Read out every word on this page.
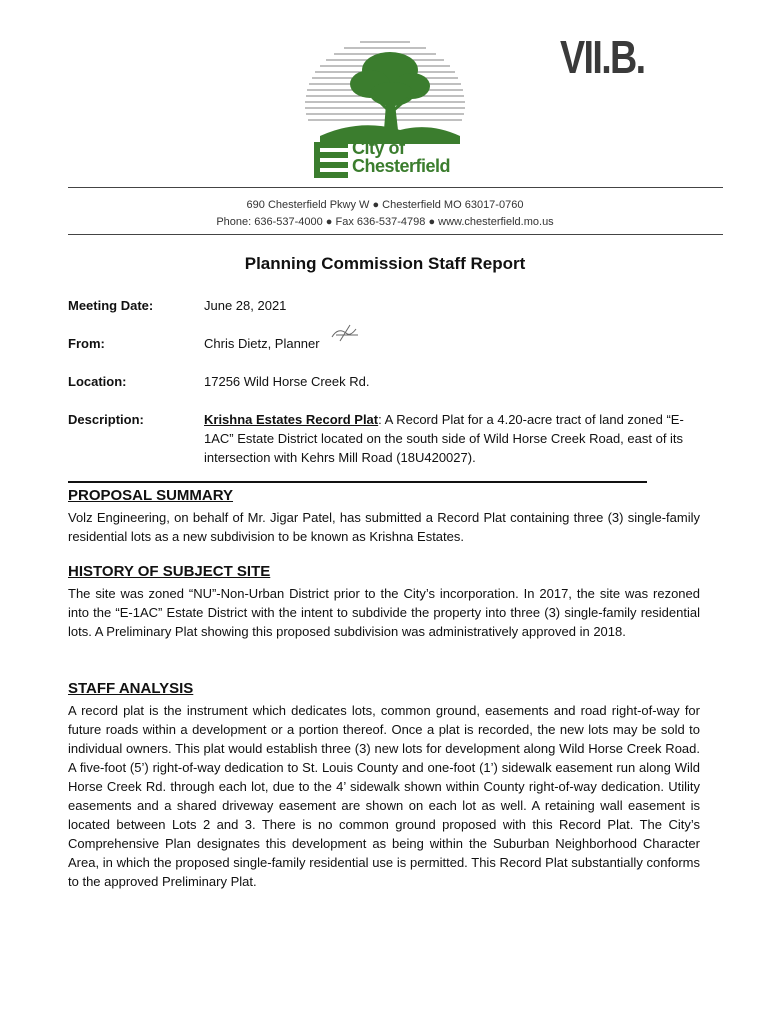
VII.B.
City of
Chesterfield
690 Chesterfield Pkwy W ● Chesterfield MO 63017-0760
Phone: 636-537-4000 ● Fax 636-537-4798 ● www.chesterfield.mo.us
Planning Commission Staff Report
Meeting Date:	June 28, 2021
From:	Chris Dietz, Planner
Location:	17256 Wild Horse Creek Rd.
Description:	Krishna Estates Record Plat: A Record Plat for a 4.20-acre tract of land zoned “E-1AC” Estate District located on the south side of Wild Horse Creek Road, east of its intersection with Kehrs Mill Road (18U420027).
PROPOSAL SUMMARY
Volz Engineering, on behalf of Mr. Jigar Patel, has submitted a Record Plat containing three (3) single-family residential lots as a new subdivision to be known as Krishna Estates.
HISTORY OF SUBJECT SITE
The site was zoned “NU”-Non-Urban District prior to the City’s incorporation. In 2017, the site was rezoned into the “E-1AC” Estate District with the intent to subdivide the property into three (3) single-family residential lots. A Preliminary Plat showing this proposed subdivision was administratively approved in 2018.
STAFF ANALYSIS
A record plat is the instrument which dedicates lots, common ground, easements and road right-of-way for future roads within a development or a portion thereof. Once a plat is recorded, the new lots may be sold to individual owners. This plat would establish three (3) new lots for development along Wild Horse Creek Road. A five-foot (5’) right-of-way dedication to St. Louis County and one-foot (1’) sidewalk easement run along Wild Horse Creek Rd. through each lot, due to the 4’ sidewalk shown within County right-of-way dedication. Utility easements and a shared driveway easement are shown on each lot as well. A retaining wall easement is located between Lots 2 and 3. There is no common ground proposed with this Record Plat. The City’s Comprehensive Plan designates this development as being within the Suburban Neighborhood Character Area, in which the proposed single-family residential use is permitted. This Record Plat substantially conforms to the approved Preliminary Plat.
